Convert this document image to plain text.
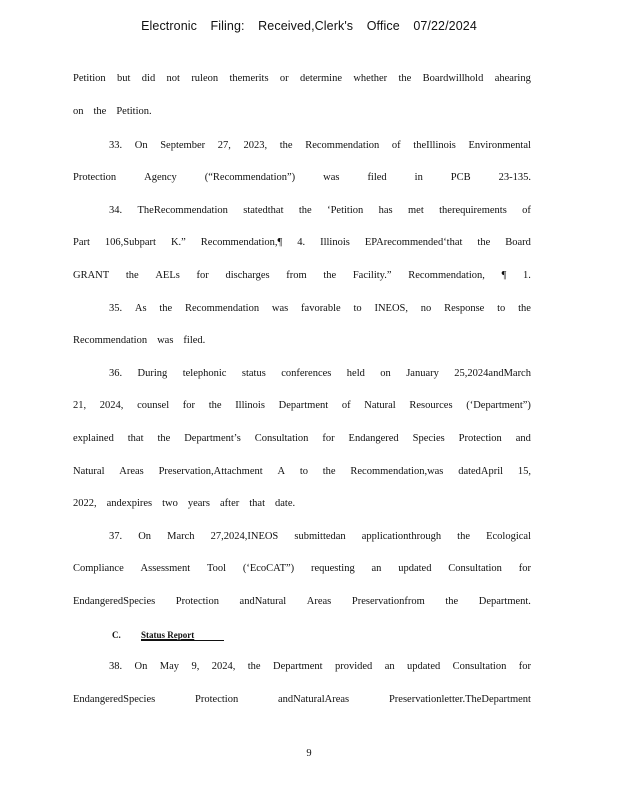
Electronic Filing: Received,Clerk's Office 07/22/2024
Petition but did not ruleon themerits or determine whether the Boardwillhold ahearing
on the Petition.
33. On September 27, 2023, the Recommendation of theIllinois Environmental
Protection	Agency	(“Recommendation”)	was	filed	in	PCB	23-135.
34. TheRecommendation statedthat the ‘Petition has met therequirements of
Part 106,Subpart K.” Recommendation,¶ 4. Illinois EPArecommended‘that the Board
GRANT the AELs for discharges from the Facility.” Recommendation, ¶ 1.
35. As the Recommendation was favorable to INEOS, no Response to the
Recommendation was filed.
36. During telephonic status conferences held on January 25,2024andMarch
21, 2024, counsel for the Illinois Department of Natural Resources (‘Department”)
explained that the Department’s Consultation for Endangered Species Protection and
Natural Areas Preservation,Attachment A to the Recommendation,was datedApril 15,
2022, andexpires two years after that date.
37. On March 27,2024,INEOS submittedan applicationthrough the Ecological
Compliance Assessment Tool (‘EcoCAT”) requesting an updated Consultation for
EndangeredSpecies Protection andNatural Areas Preservationfrom the Department.
C. Status Report
38. On May 9, 2024, the Department provided an updated Consultation for
EndangeredSpecies	Protection	andNaturalAreas	Preservationletter.TheDepartment
9
